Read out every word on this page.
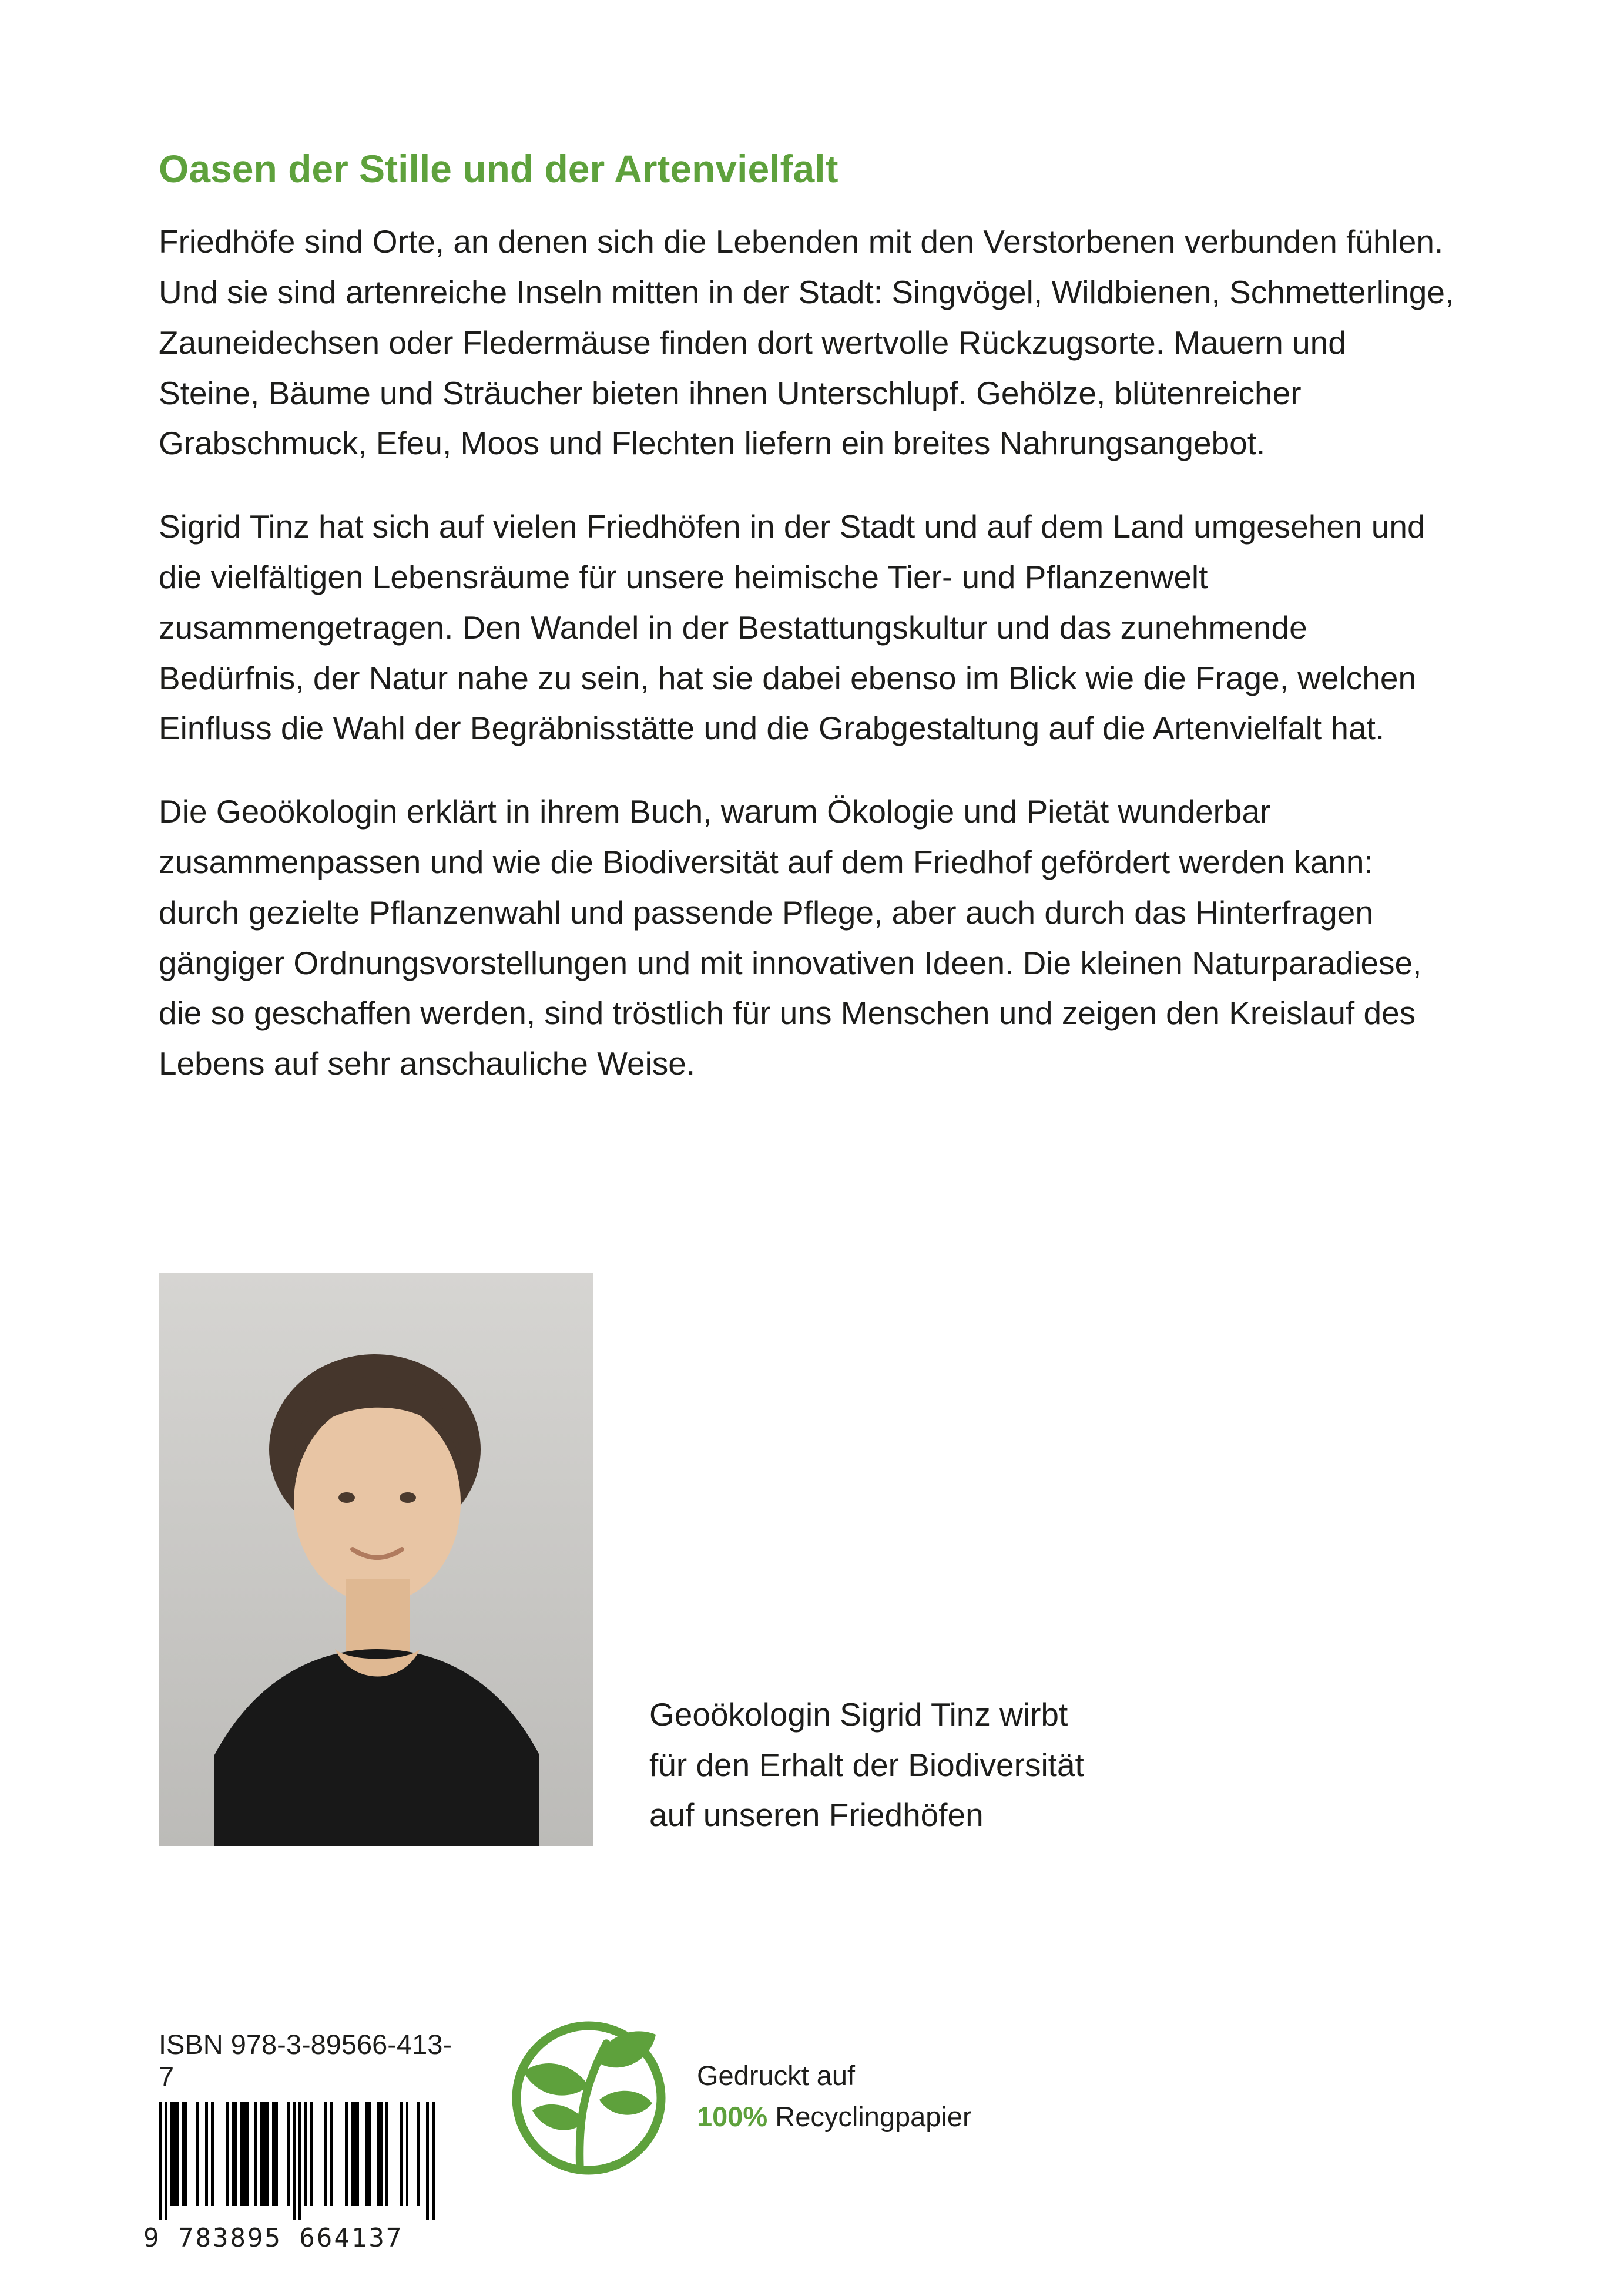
Oasen der Stille und der Artenvielfalt

Friedhöfe sind Orte, an denen sich die Lebenden mit den Verstorbenen verbunden fühlen. Und sie sind artenreiche Inseln mitten in der Stadt: Singvögel, Wildbienen, Schmetterlinge, Zauneidechsen oder Fledermäuse finden dort wertvolle Rückzugsorte. Mauern und Steine, Bäume und Sträucher bieten ihnen Unterschlupf. Gehölze, blütenreicher Grabschmuck, Efeu, Moos und Flechten liefern ein breites Nahrungsangebot.

Sigrid Tinz hat sich auf vielen Friedhöfen in der Stadt und auf dem Land umgesehen und die vielfältigen Lebensräume für unsere heimische Tier- und Pflanzenwelt zusammengetragen. Den Wandel in der Bestattungskultur und das zunehmende Bedürfnis, der Natur nahe zu sein, hat sie dabei ebenso im Blick wie die Frage, welchen Einfluss die Wahl der Begräbnisstätte und die Grabgestaltung auf die Artenvielfalt hat.

Die Geoökologin erklärt in ihrem Buch, warum Ökologie und Pietät wunderbar zusammenpassen und wie die Biodiversität auf dem Friedhof gefördert werden kann: durch gezielte Pflanzenwahl und passende Pflege, aber auch durch das Hinterfragen gängiger Ordnungsvorstellungen und mit innovativen Ideen. Die kleinen Naturparadiese, die so geschaffen werden, sind tröstlich für uns Menschen und zeigen den Kreislauf des Lebens auf sehr anschauliche Weise.

Geoökologin Sigrid Tinz wirbt
für den Erhalt der Biodiversität
auf unseren Friedhöfen

ISBN 978-3-89566-413-7

9 783895 664137
Gedruckt auf
100% Recyclingpapier
